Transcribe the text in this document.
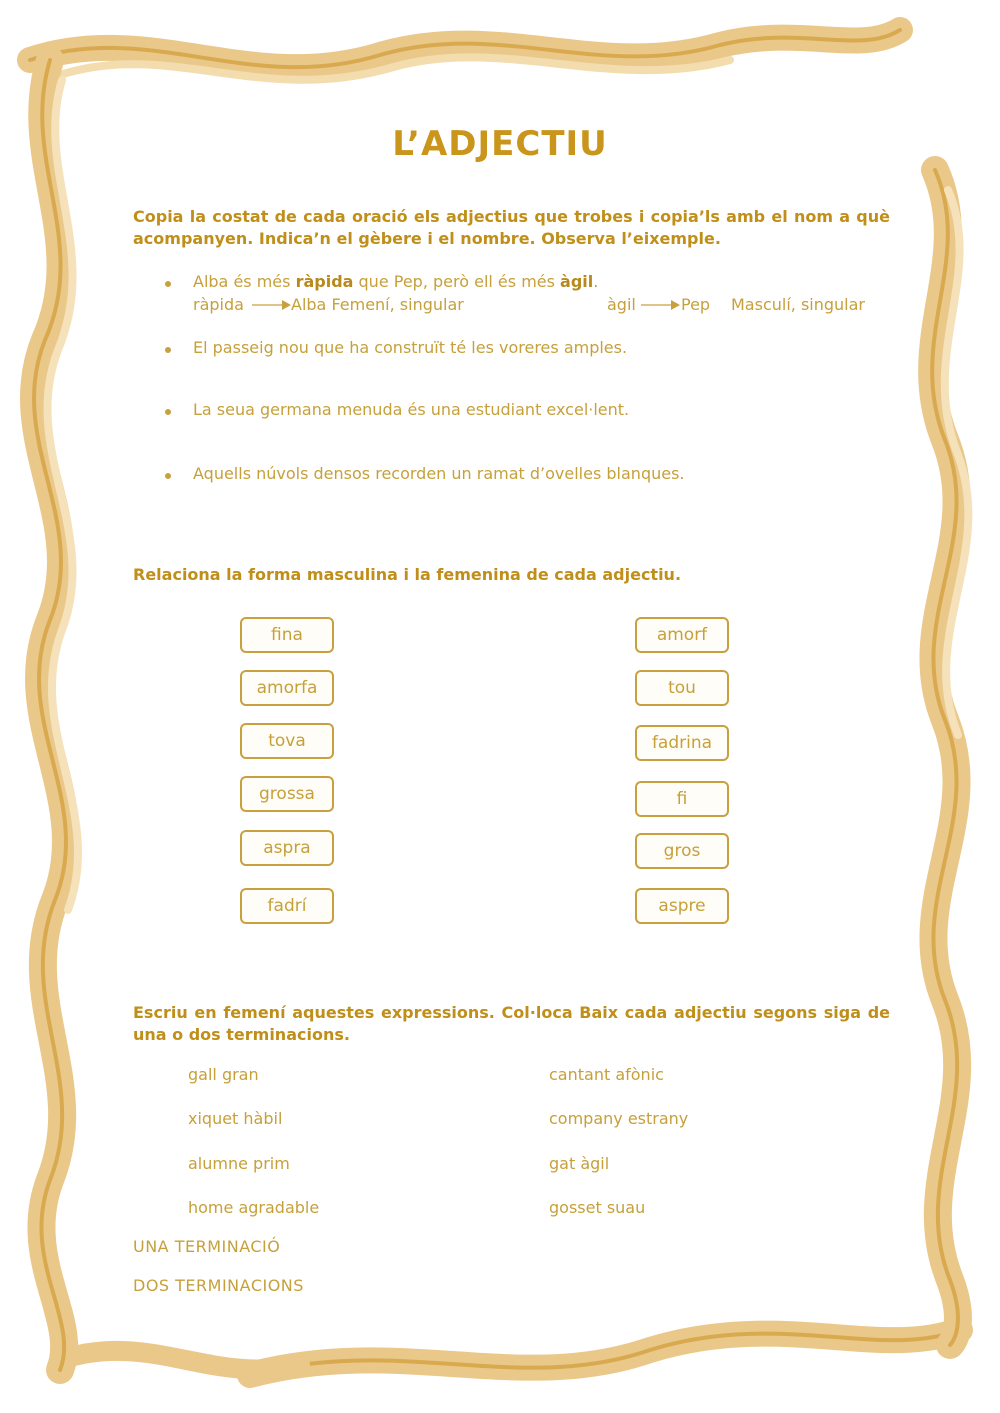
L’ADJECTIU
Copia la costat de cada oració els adjectius que trobes i copia’ls amb el nom a què acompanyen. Indica’n el gèbere i el nombre. Observa l’eixemple.
Alba és més ràpida que Pep, però ell és més àgil.
ràpida	Alba Femení, singular	àgil	Pep Masculí, singular
El passeig nou que ha construït té les voreres amples.
La seua germana menuda és una estudiant excel·lent.
Aquells núvols densos recorden un ramat d’ovelles blanques.
Relaciona la forma masculina i la femenina de cada adjectiu.
fina
amorfa
tova
grossa
aspra
fadrí
amorf
tou
fadrina
fi
gros
aspre
Escriu en femení aquestes expressions. Col·loca Baix cada adjectiu segons siga de una o dos terminacions.
gall gran
xiquet hàbil
alumne prim
home agradable
cantant afònic
company estrany
gat àgil
gosset suau
UNA TERMINACIÓ
DOS TERMINACIONS
